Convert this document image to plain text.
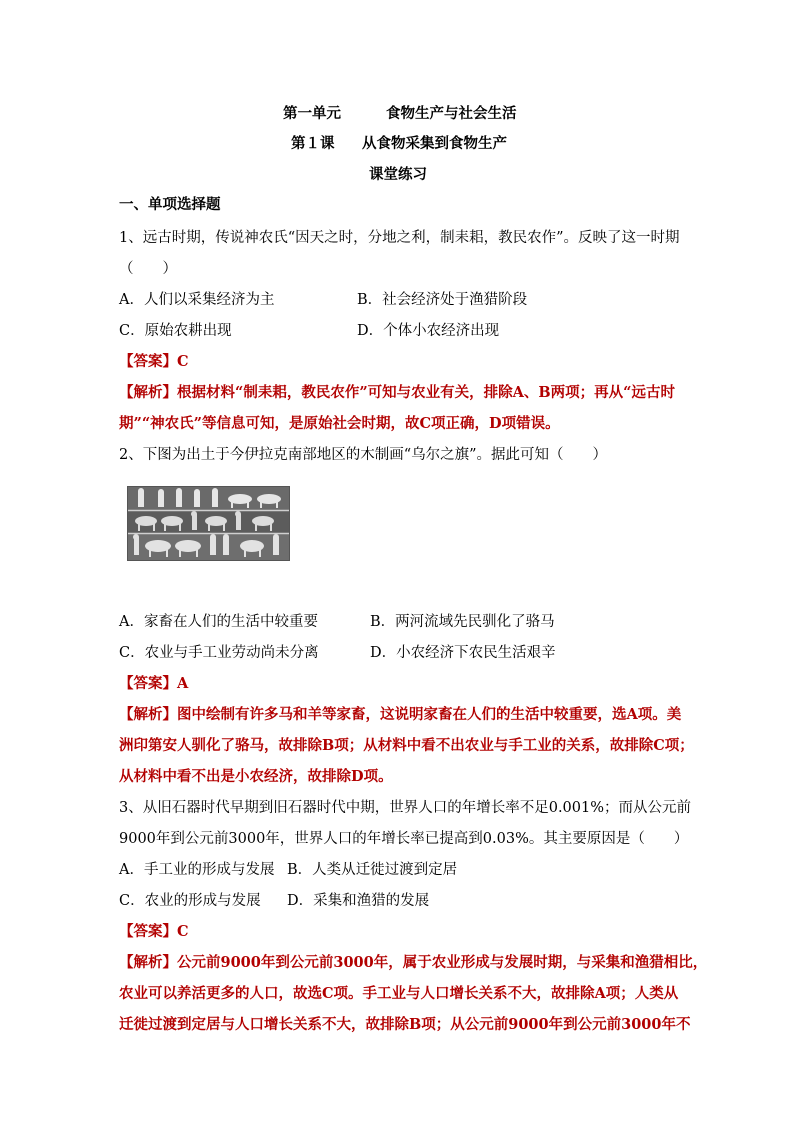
第一单元	食物生产与社会生活
第１课 从食物采集到食物生产
课堂练习
一、单项选择题
1、远古时期，传说神农氏“因天之时，分地之利，制耒耜，教民农作”。反映了这一时期
（　　）
A．人们以采集经济为主	B．社会经济处于渔猎阶段
C．原始农耕出现	D．个体小农经济出现
【答案】C
【解析】根据材料“制耒耜，教民农作”可知与农业有关，排除A、B两项；再从“远古时
期”“神农氏”等信息可知，是原始社会时期，故C项正确，D项错误。
2、下图为出土于今伊拉克南部地区的木制画“乌尔之旗”。据此可知（　　）
A．家畜在人们的生活中较重要	B．两河流域先民驯化了骆马
C．农业与手工业劳动尚未分离	D．小农经济下农民生活艰辛
【答案】A
【解析】图中绘制有许多马和羊等家畜，这说明家畜在人们的生活中较重要，选A项。美
洲印第安人驯化了骆马，故排除B项；从材料中看不出农业与手工业的关系，故排除C项；
从材料中看不出是小农经济，故排除D项。
3、从旧石器时代早期到旧石器时代中期，世界人口的年增长率不足0.001%；而从公元前
9000年到公元前3000年，世界人口的年增长率已提高到0.03%。其主要原因是（　　）
A．手工业的形成与发展 B．人类从迁徙过渡到定居
C．农业的形成与发展 D．采集和渔猎的发展
【答案】C
【解析】公元前9000年到公元前3000年，属于农业形成与发展时期，与采集和渔猎相比，
农业可以养活更多的人口，故选C项。手工业与人口增长关系不大，故排除A项；人类从
迁徙过渡到定居与人口增长关系不大，故排除B项；从公元前9000年到公元前3000年不
